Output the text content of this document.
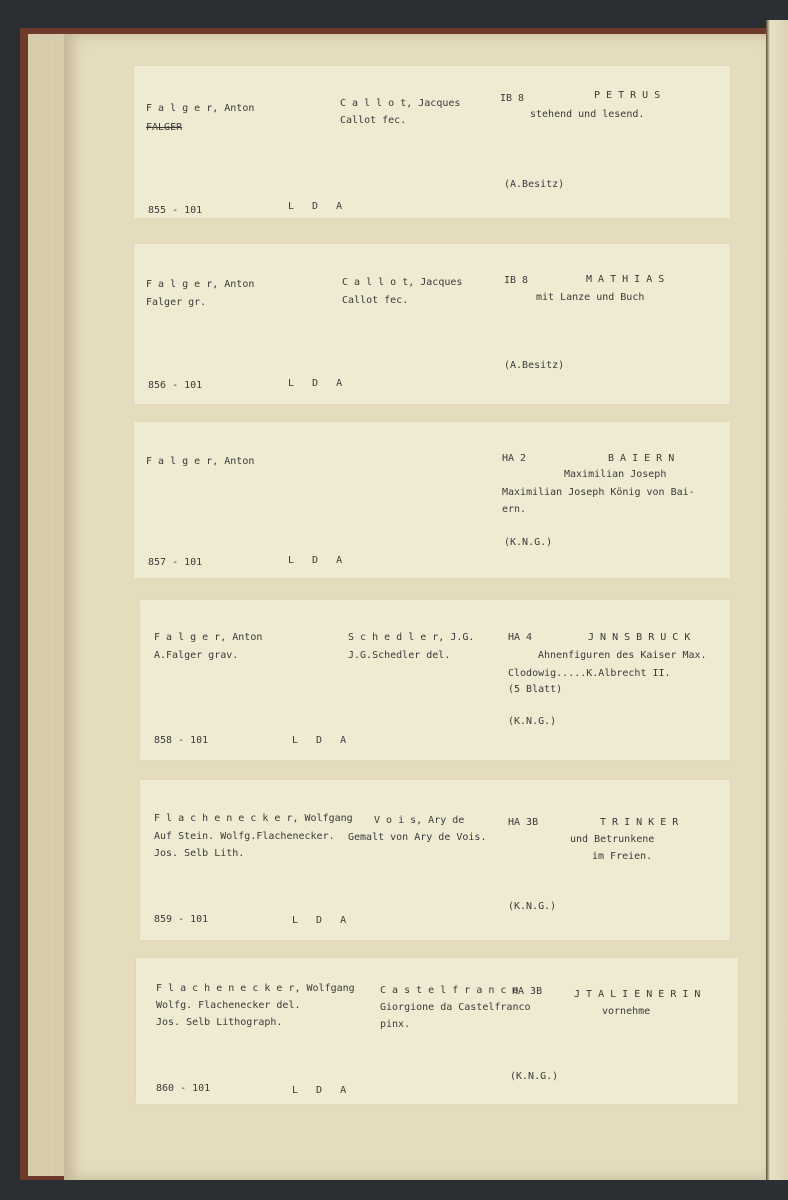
F a l g e r, Anton
FALGER
C a l l o t, Jacques
Callot fec.
IB 8	P E T R U S
stehend und lesend.
(A.Besitz)
855 - 101	L  D  A
F a l g e r, Anton
Falger gr.
C a l l o t, Jacques
Callot fec.
IB 8	M A T H I A S
mit Lanze und Buch
(A.Besitz)
856 - 101	L  D  A
F a l g e r, Anton	HA 2	B A I E R N
Maximilian Joseph
Maximilian Joseph König von Bai-
ern.
(K.N.G.)
857 - 101	L  D  A
F a l g e r, Anton
A.Falger grav.
S c h e d l e r, J.G.
J.G.Schedler del.
HA 4	J N N S B R U C K
Ahnenfiguren des Kaiser Max.
Clodowig.....K.Albrecht II.
(5 Blatt)
(K.N.G.)
858 - 101	L  D  A
F l a c h e n e c k e r, Wolfgang
Auf Stein. Wolfg.Flachenecker.
Jos. Selb Lith.
V o i s, Ary de
Gemalt von Ary de Vois.
HA 3B	T R I N K E R
und Betrunkene
im Freien.
(K.N.G.)
859 - 101	L  D  A
F l a c h e n e c k e r, Wolfgang
Wolfg. Flachenecker del.
Jos. Selb Lithograph.
C a s t e l f r a n c o
Giorgione da Castelfranco
pinx.
HA 3B	J T A L I E N E R I N
vornehme
(K.N.G.)
860 - 101	L  D  A
